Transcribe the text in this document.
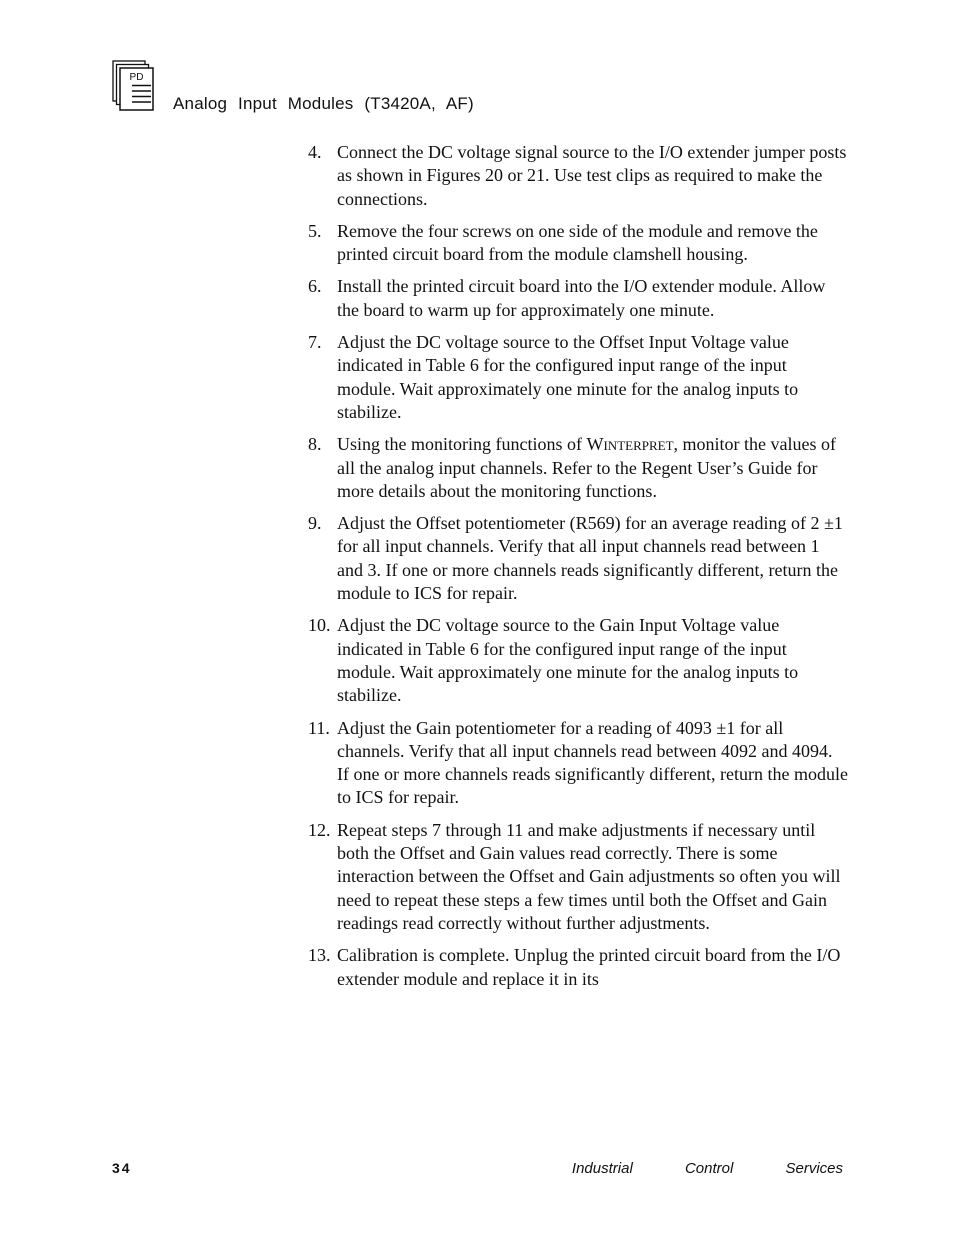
PD
Analog Input Modules (T3420A, AF)
4. Connect the DC voltage signal source to the I/O extender jumper posts as shown in Figures 20 or 21. Use test clips as required to make the connections.
5. Remove the four screws on one side of the module and remove the printed circuit board from the module clamshell housing.
6. Install the printed circuit board into the I/O extender module. Allow the board to warm up for approximately one minute.
7. Adjust the DC voltage source to the Offset Input Voltage value indicated in Table 6 for the configured input range of the input module. Wait approximately one minute for the analog inputs to stabilize.
8. Using the monitoring functions of Winterpret, monitor the values of all the analog input channels. Refer to the Regent User’s Guide for more details about the monitoring functions.
9. Adjust the Offset potentiometer (R569) for an average reading of 2 ±1 for all input channels. Verify that all input channels read between 1 and 3. If one or more channels reads significantly different, return the module to ICS for repair.
10. Adjust the DC voltage source to the Gain Input Voltage value indicated in Table 6 for the configured input range of the input module. Wait approximately one minute for the analog inputs to stabilize.
11. Adjust the Gain potentiometer for a reading of 4093 ±1 for all channels. Verify that all input channels read between 4092 and 4094. If one or more channels reads significantly different, return the module to ICS for repair.
12. Repeat steps 7 through 11 and make adjustments if necessary until both the Offset and Gain values read correctly. There is some interaction between the Offset and Gain adjustments so often you will need to repeat these steps a few times until both the Offset and Gain readings read correctly without further adjustments.
13. Calibration is complete. Unplug the printed circuit board from the I/O extender module and replace it in its
34	Industrial Control Services
